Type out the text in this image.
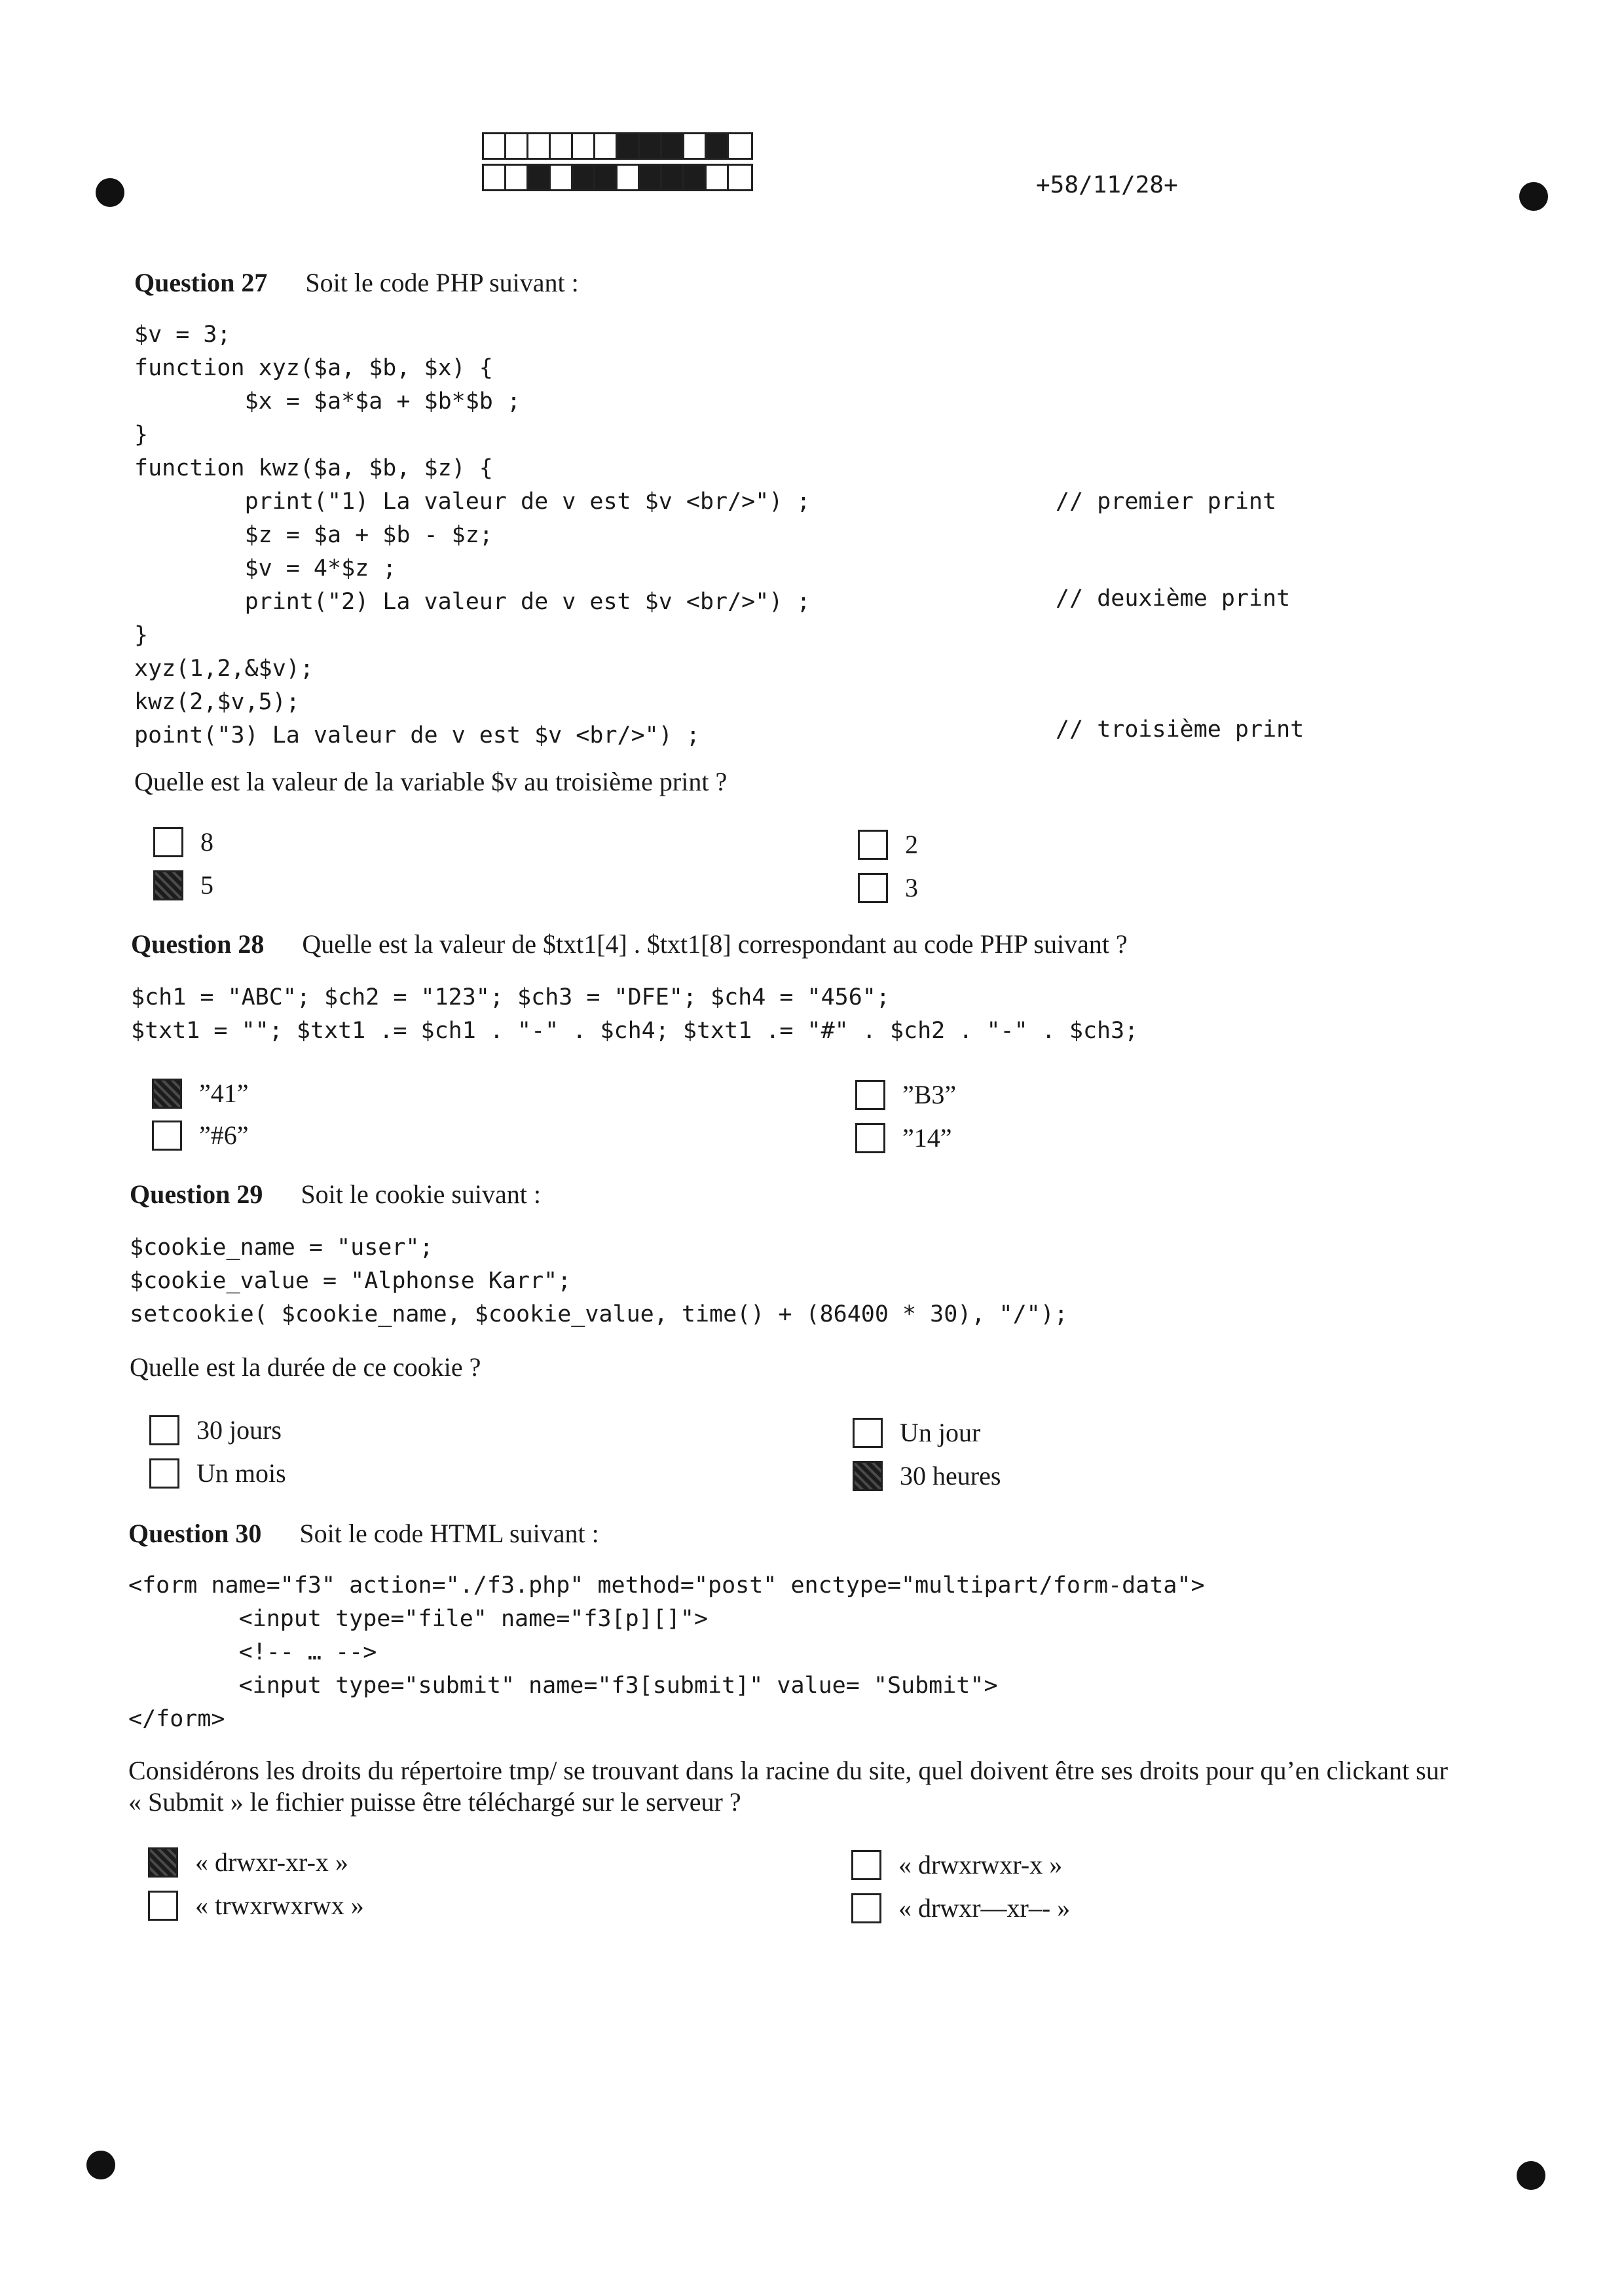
+58/11/28+
Question 27 Soit le code PHP suivant :
$v = 3;
function xyz($a, $b, $x) {
$x = $a*$a + $b*$b ;
}
function kwz($a, $b, $z) {
print("1) La valeur de v est $v <br/>") ;
$z = $a + $b - $z;
$v = 4*$z ;
print("2) La valeur de v est $v <br/>") ;
}
xyz(1,2,&$v);
kwz(2,$v,5);
point("3) La valeur de v est $v <br/>") ;
// premier print
// deuxième print
// troisième print
Quelle est la valeur de la variable $v au troisième print ?
8
5
2
3
Question 28 Quelle est la valeur de $txt1[4] . $txt1[8] correspondant au code PHP suivant ?
$ch1 = "ABC"; $ch2 = "123"; $ch3 = "DFE"; $ch4 = "456";
$txt1 = ""; $txt1 .= $ch1 . "-" . $ch4; $txt1 .= "#" . $ch2 . "-" . $ch3;
”41”
”#6”
”B3”
”14”
Question 29 Soit le cookie suivant :
$cookie_name = "user";
$cookie_value = "Alphonse Karr";
setcookie( $cookie_name, $cookie_value, time() + (86400 * 30), "/");
Quelle est la durée de ce cookie ?
30 jours
Un mois
Un jour
30 heures
Question 30 Soit le code HTML suivant :
<form name="f3" action="./f3.php" method="post" enctype="multipart/form-data">
<input type="file" name="f3[p][]">
<!-- … -->
<input type="submit" name="f3[submit]" value= "Submit">
</form>
Considérons les droits du répertoire tmp/ se trouvant dans la racine du site, quel doivent être ses droits pour qu’en clickant sur
« Submit » le fichier puisse être téléchargé sur le serveur ?
« drwxr-xr-x »
« trwxrwxrwx »
« drwxrwxr-x »
« drwxr—xr–- »
